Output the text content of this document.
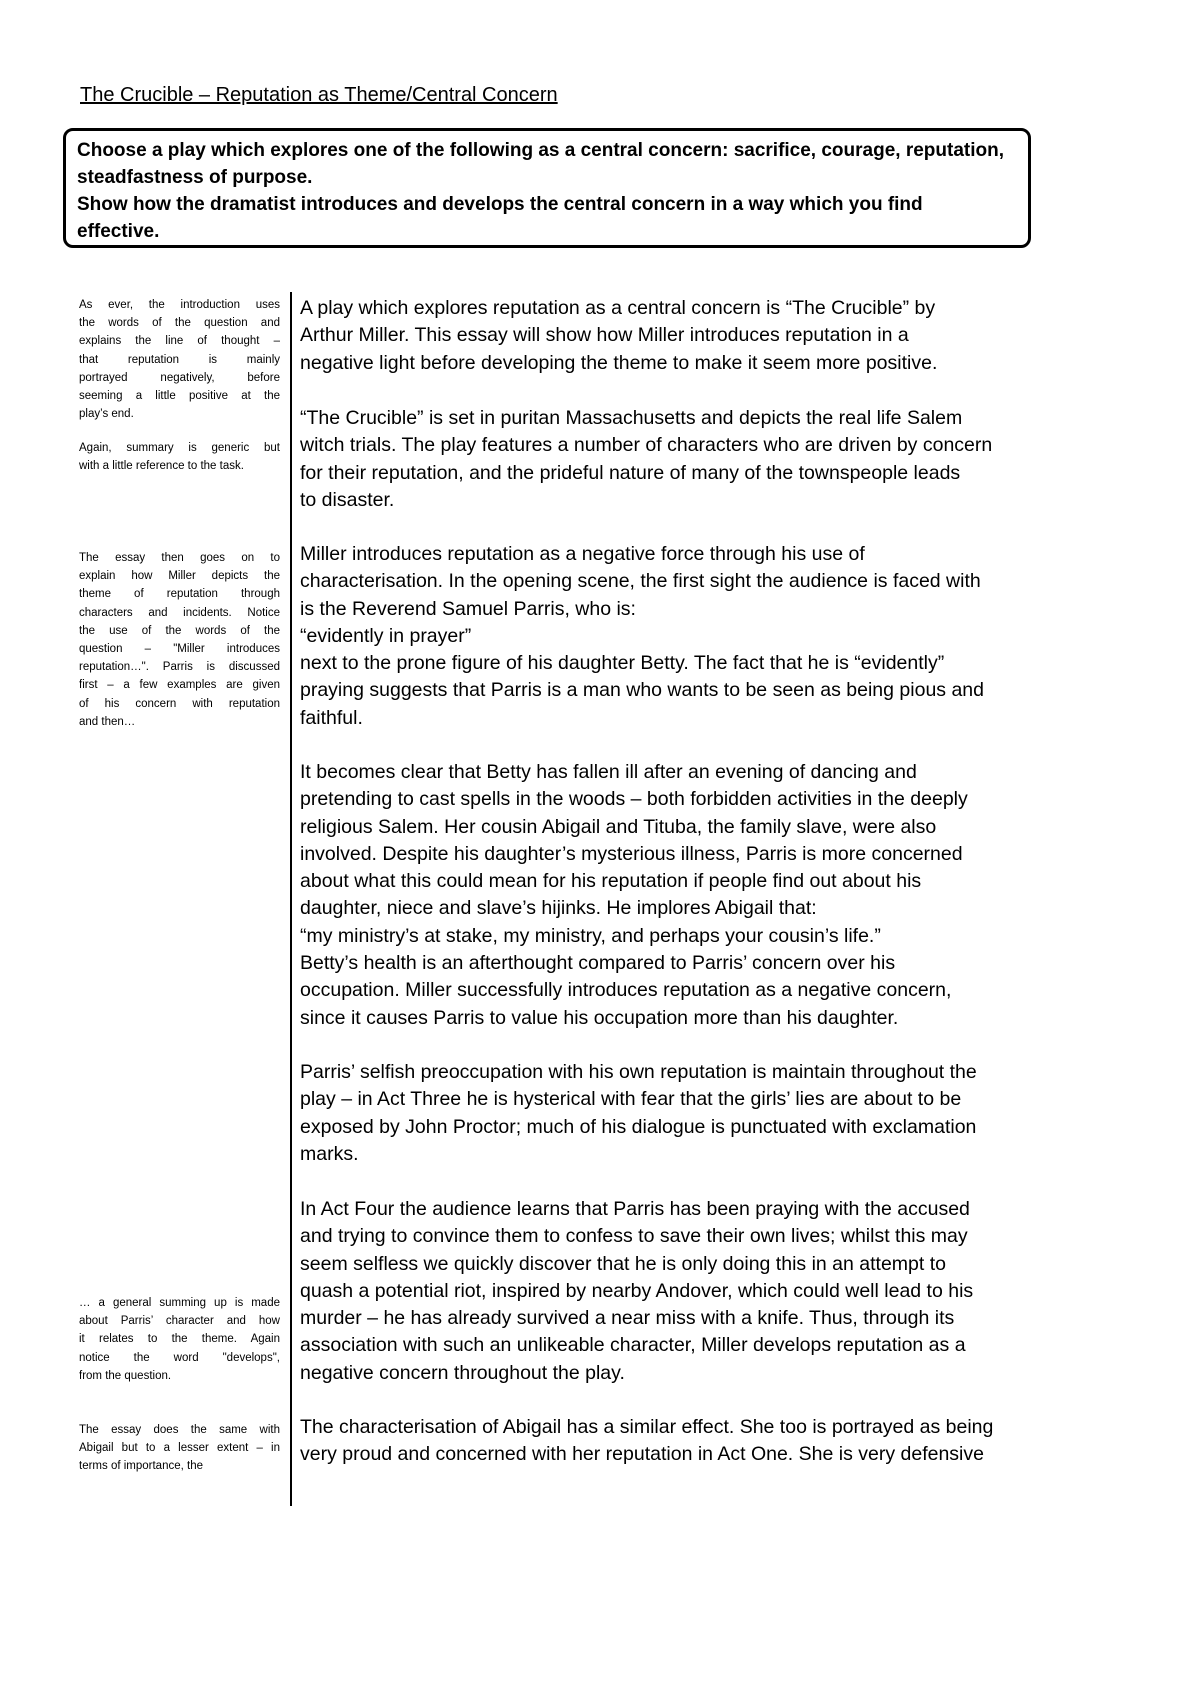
The Crucible – Reputation as Theme/Central Concern
Choose a play which explores one of the following as a central concern: sacrifice, courage, reputation,
steadfastness of purpose.
Show how the dramatist introduces and develops the central concern in a way which you find
effective.
As ever, the introduction uses
the words of the question and
explains the line of thought –
that reputation is mainly
portrayed negatively, before
seeming a little positive at the
play’s end.
Again, summary is generic but
with a little reference to the task.
The essay then goes on to
explain how Miller depicts the
theme of reputation through
characters and incidents. Notice
the use of the words of the
question – "Miller introduces
reputation…". Parris is discussed
first – a few examples are given
of his concern with reputation
and then…
… a general summing up is made
about Parris’ character and how
it relates to the theme. Again
notice the word "develops",
from the question.
The essay does the same with
Abigail but to a lesser extent – in
terms of importance, the
A play which explores reputation as a central concern is “The Crucible” by
Arthur Miller. This essay will show how Miller introduces reputation in a
negative light before developing the theme to make it seem more positive.
“The Crucible” is set in puritan Massachusetts and depicts the real life Salem
witch trials. The play features a number of characters who are driven by concern
for their reputation, and the prideful nature of many of the townspeople leads
to disaster.
Miller introduces reputation as a negative force through his use of
characterisation. In the opening scene, the first sight the audience is faced with
is the Reverend Samuel Parris, who is:
“evidently in prayer”
next to the prone figure of his daughter Betty. The fact that he is “evidently”
praying suggests that Parris is a man who wants to be seen as being pious and
faithful.
It becomes clear that Betty has fallen ill after an evening of dancing and
pretending to cast spells in the woods – both forbidden activities in the deeply
religious Salem. Her cousin Abigail and Tituba, the family slave, were also
involved. Despite his daughter’s mysterious illness, Parris is more concerned
about what this could mean for his reputation if people find out about his
daughter, niece and slave’s hijinks. He implores Abigail that:
“my ministry’s at stake, my ministry, and perhaps your cousin’s life.”
Betty’s health is an afterthought compared to Parris’ concern over his
occupation. Miller successfully introduces reputation as a negative concern,
since it causes Parris to value his occupation more than his daughter.
Parris’ selfish preoccupation with his own reputation is maintain throughout the
play – in Act Three he is hysterical with fear that the girls’ lies are about to be
exposed by John Proctor; much of his dialogue is punctuated with exclamation
marks.
In Act Four the audience learns that Parris has been praying with the accused
and trying to convince them to confess to save their own lives; whilst this may
seem selfless we quickly discover that he is only doing this in an attempt to
quash a potential riot, inspired by nearby Andover, which could well lead to his
murder – he has already survived a near miss with a knife. Thus, through its
association with such an unlikeable character, Miller develops reputation as a
negative concern throughout the play.
The characterisation of Abigail has a similar effect. She too is portrayed as being
very proud and concerned with her reputation in Act One. She is very defensive
